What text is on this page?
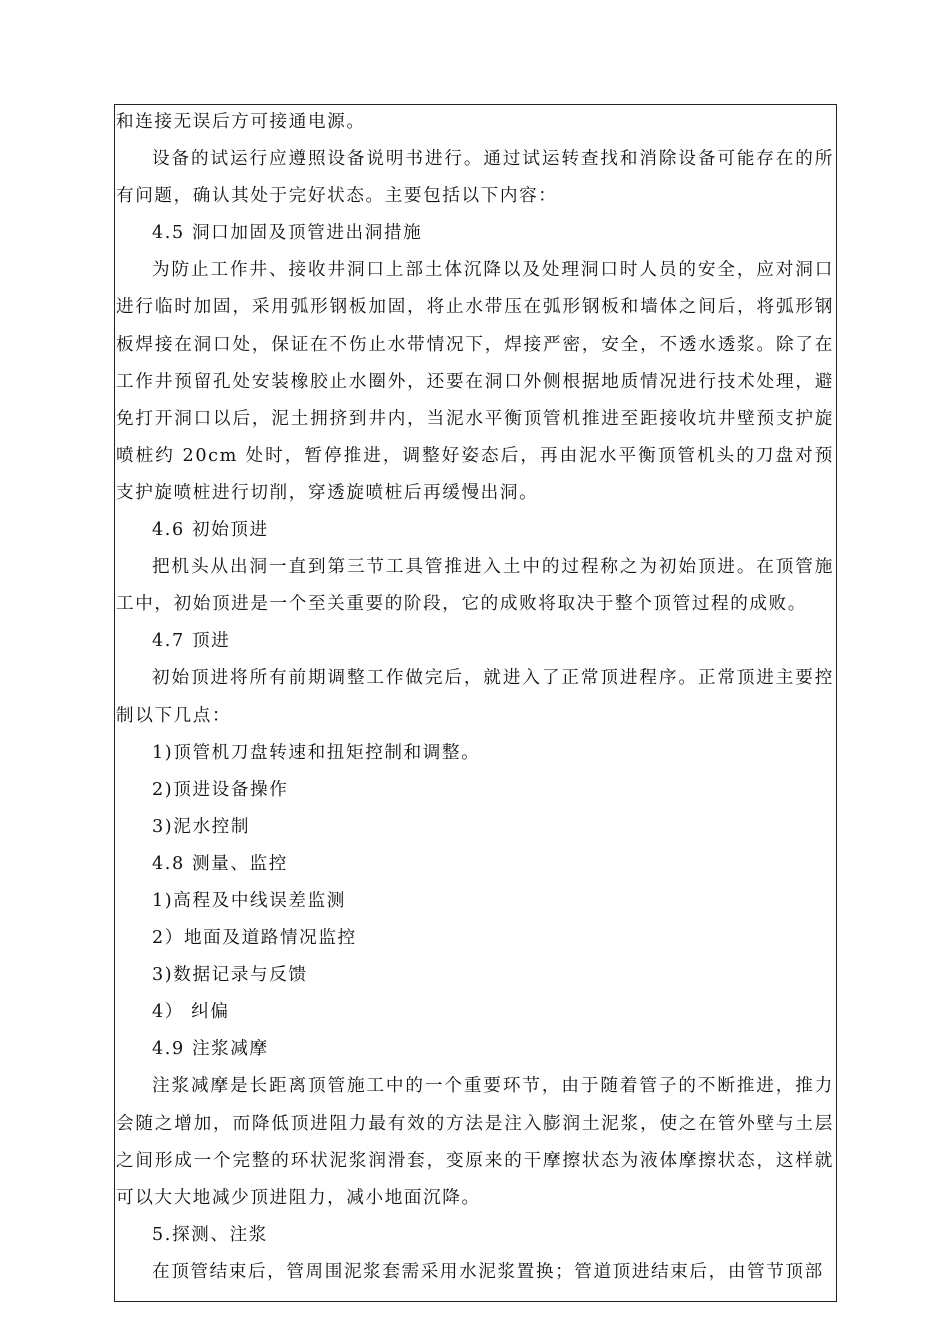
和连接无误后方可接通电源。

设备的试运行应遵照设备说明书进行。通过试运转查找和消除设备可能存在的所有问题，确认其处于完好状态。主要包括以下内容：

4.5 洞口加固及顶管进出洞措施

为防止工作井、接收井洞口上部土体沉降以及处理洞口时人员的安全，应对洞口进行临时加固，采用弧形钢板加固，将止水带压在弧形钢板和墙体之间后，将弧形钢板焊接在洞口处，保证在不伤止水带情况下，焊接严密，安全，不透水透浆。除了在工作井预留孔处安装橡胶止水圈外，还要在洞口外侧根据地质情况进行技术处理，避免打开洞口以后，泥土拥挤到井内，当泥水平衡顶管机推进至距接收坑井壁预支护旋喷桩约 20cm 处时，暂停推进，调整好姿态后，再由泥水平衡顶管机头的刀盘对预支护旋喷桩进行切削，穿透旋喷桩后再缓慢出洞。

4.6 初始顶进

把机头从出洞一直到第三节工具管推进入土中的过程称之为初始顶进。在顶管施工中，初始顶进是一个至关重要的阶段，它的成败将取决于整个顶管过程的成败。

4.7 顶进

初始顶进将所有前期调整工作做完后，就进入了正常顶进程序。正常顶进主要控制以下几点：

1)顶管机刀盘转速和扭矩控制和调整。

2)顶进设备操作

3)泥水控制

4.8 测量、监控

1)高程及中线误差监测

2）地面及道路情况监控

3)数据记录与反馈

4） 纠偏

4.9 注浆减摩

注浆减摩是长距离顶管施工中的一个重要环节，由于随着管子的不断推进，推力会随之增加，而降低顶进阻力最有效的方法是注入膨润土泥浆，使之在管外壁与土层之间形成一个完整的环状泥浆润滑套，变原来的干摩擦状态为液体摩擦状态，这样就可以大大地减少顶进阻力，减小地面沉降。

5.探测、注浆

在顶管结束后，管周围泥浆套需采用水泥浆置换；管道顶进结束后，由管节顶部
